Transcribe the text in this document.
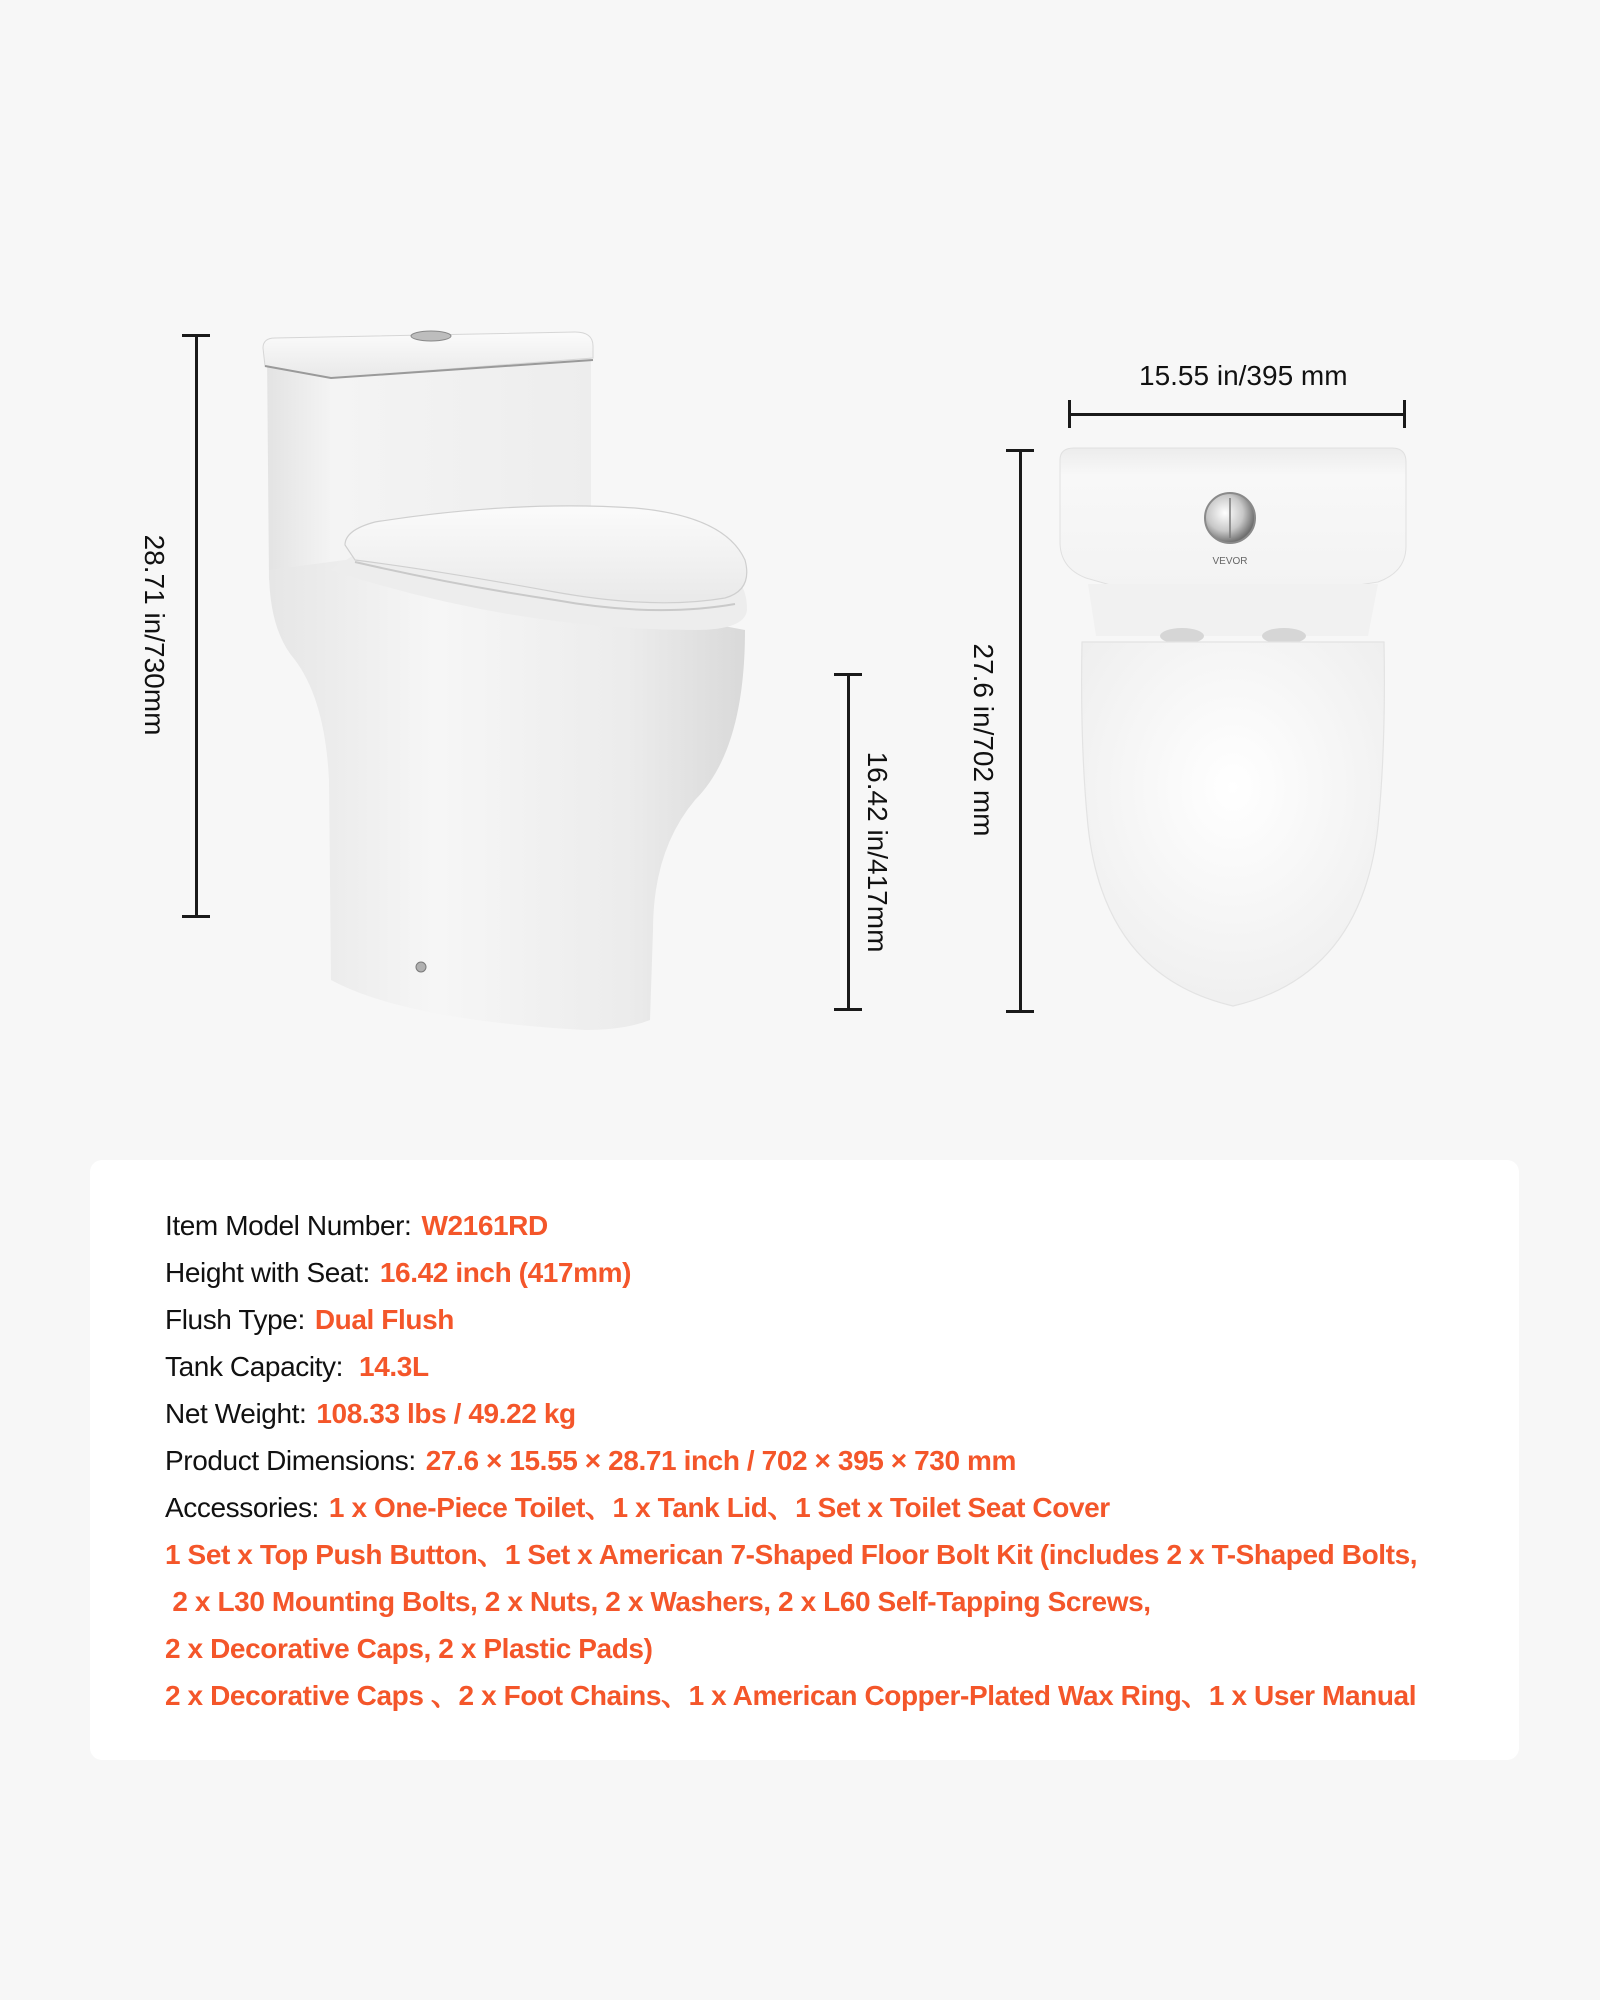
28.71 in/730mm
16.42 in/417mm
27.6 in/702 mm
15.55 in/395 mm
VEVOR
Item Model Number: W2161RD
Height with Seat: 16.42 inch (417mm)
Flush Type: Dual Flush
Tank Capacity: 14.3L
Net Weight: 108.33 lbs / 49.22 kg
Product Dimensions: 27.6 × 15.55 × 28.71 inch / 702 × 395 × 730 mm
Accessories: 1 x One-Piece Toilet、1 x Tank Lid、1 Set x Toilet Seat Cover
1 Set x Top Push Button、1 Set x American 7-Shaped Floor Bolt Kit (includes 2 x T-Shaped Bolts,
2 x L30 Mounting Bolts, 2 x Nuts, 2 x Washers, 2 x L60 Self-Tapping Screws,
2 x Decorative Caps, 2 x Plastic Pads)
2 x Decorative Caps 、2 x Foot Chains、1 x American Copper-Plated Wax Ring、1 x User Manual
